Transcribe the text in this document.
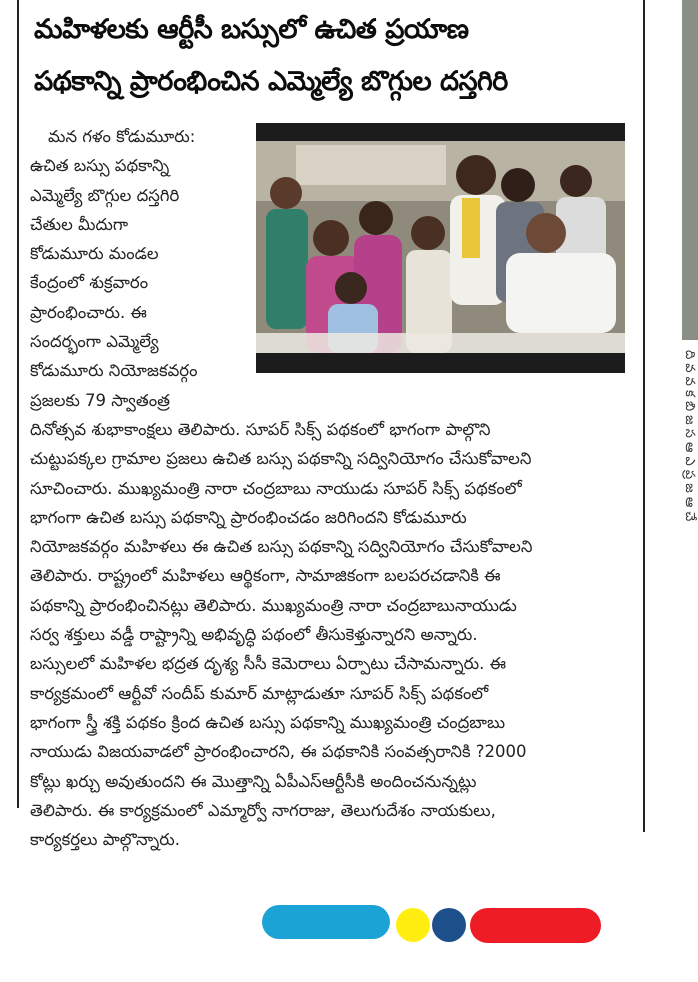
మహిళలకు ఆర్టీసీ బస్సులో ఉచిత ప్రయాణ
పథకాన్ని ప్రారంభించిన ఎమ్మెల్యే బొగ్గుల దస్తగిరి
మన గళం కోడుమూరు:
ఉచిత బస్సు పథకాన్ని
ఎమ్మెల్యే బొగ్గుల దస్తగిరి
చేతుల మీదుగా
కోడుమూరు మండల
కేంద్రంలో శుక్రవారం
ప్రారంభించారు. ఈ
సందర్భంగా ఎమ్మెల్యే
కోడుమూరు నియోజకవర్గం
ప్రజలకు 79 స్వాతంత్ర
దినోత్సవ శుభాకాంక్షలు తెలిపారు. సూపర్ సిక్స్ పథకంలో భాగంగా పాల్గొని
చుట్టుపక్కల గ్రామాల ప్రజలు ఉచిత బస్సు పథకాన్ని సద్వినియోగం చేసుకోవాలని
సూచించారు. ముఖ్యమంత్రి నారా చంద్రబాబు నాయుడు సూపర్ సిక్స్ పథకంలో
భాగంగా ఉచిత బస్సు పథకాన్ని ప్రారంభించడం జరిగిందని కోడుమూరు
నియోజకవర్గం మహిళలు ఈ ఉచిత బస్సు పథకాన్ని సద్వినియోగం చేసుకోవాలని
తెలిపారు. రాష్ట్రంలో మహిళలు ఆర్థికంగా, సామాజికంగా బలపరచడానికి ఈ
పథకాన్ని ప్రారంభించినట్లు తెలిపారు. ముఖ్యమంత్రి నారా చంద్రబాబునాయుడు
సర్వ శక్తులు వడ్డీ రాష్ట్రాన్ని అభివృద్ధి పథంలో తీసుకెళ్తున్నారని అన్నారు.
బస్సులలో మహిళల భద్రత దృశ్య సీసీ కెమెరాలు ఏర్పాటు చేసామన్నారు. ఈ
కార్యక్రమంలో ఆర్టీవో సందీప్ కుమార్ మాట్లాడుతూ సూపర్ సిక్స్ పథకంలో
భాగంగా స్త్రీ శక్తి పథకం క్రింద ఉచిత బస్సు పథకాన్ని ముఖ్యమంత్రి చంద్రబాబు
నాయుడు విజయవాడలో ప్రారంభించారని, ఈ పథకానికి సంవత్సరానికి ?2000
కోట్లు ఖర్చు అవుతుందని ఈ మొత్తాన్ని ఏపీఎస్ఆర్టీసీకి అందించనున్నట్లు
తెలిపారు. ఈ కార్యక్రమంలో ఎమ్మార్వో నాగరాజు, తెలుగుదేశం నాయకులు,
కార్యకర్తలు పాల్గొన్నారు.
ది వ వ క బి జ స ఆ ఎ ప్ర జ ఆ చే
